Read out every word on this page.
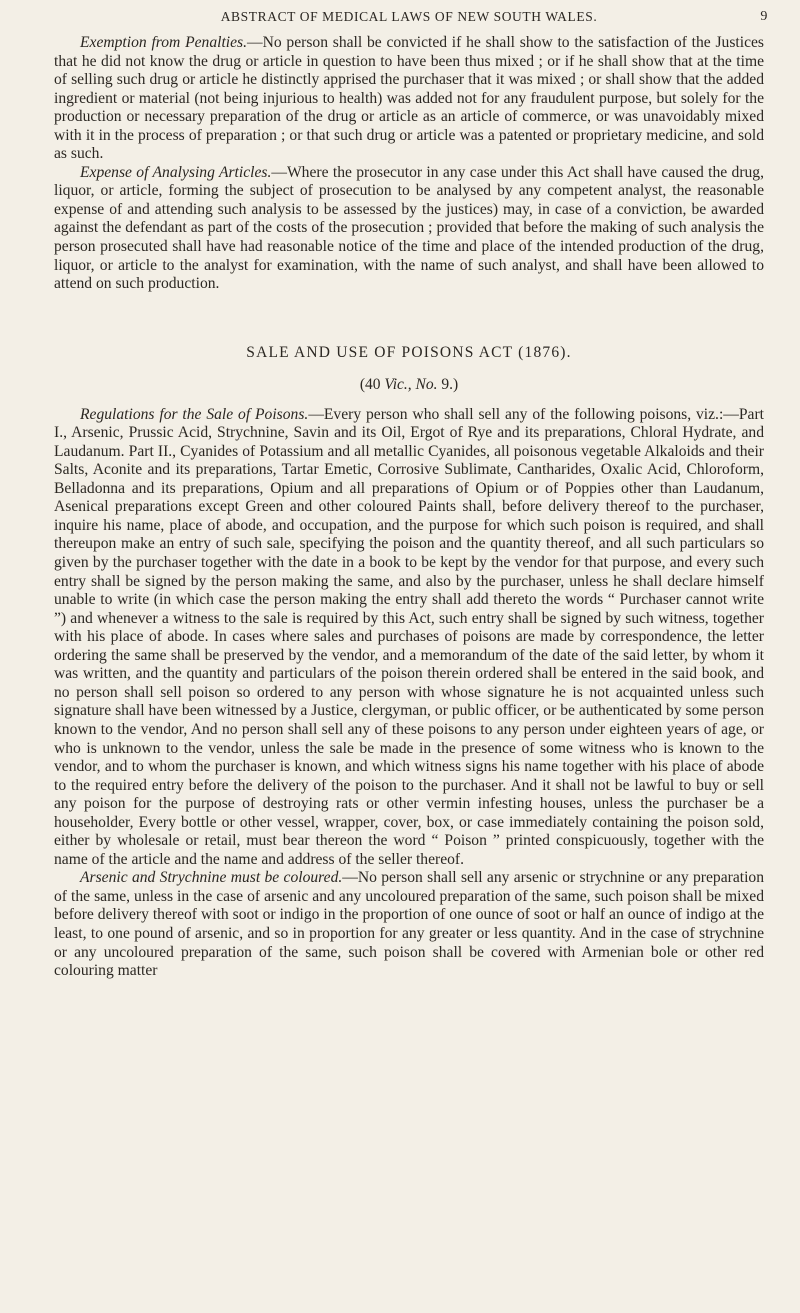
ABSTRACT OF MEDICAL LAWS OF NEW SOUTH WALES.	9

Exemption from Penalties.—No person shall be convicted if he shall show to the satisfaction of the Justices that he did not know the drug or article in question to have been thus mixed ; or if he shall show that at the time of selling such drug or article he distinctly apprised the purchaser that it was mixed ; or shall show that the added ingredient or material (not being injurious to health) was added not for any fraudulent purpose, but solely for the production or necessary preparation of the drug or article as an article of commerce, or was unavoidably mixed with it in the process of preparation ; or that such drug or article was a patented or proprietary medicine, and sold as such.

Expense of Analysing Articles.—Where the prosecutor in any case under this Act shall have caused the drug, liquor, or article, forming the subject of prosecution to be analysed by any competent analyst, the reasonable expense of and attending such analysis to be assessed by the justices) may, in case of a conviction, be awarded against the defendant as part of the costs of the prosecution ; provided that before the making of such analysis the person prosecuted shall have had reasonable notice of the time and place of the intended production of the drug, liquor, or article to the analyst for examination, with the name of such analyst, and shall have been allowed to attend on such production.

SALE AND USE OF POISONS ACT (1876).
(40 Vic., No. 9.)

Regulations for the Sale of Poisons.—Every person who shall sell any of the following poisons, viz.:—Part I., Arsenic, Prussic Acid, Strychnine, Savin and its Oil, Ergot of Rye and its preparations, Chloral Hydrate, and Laudanum. Part II., Cyanides of Potassium and all metallic Cyanides, all poisonous vegetable Alkaloids and their Salts, Aconite and its preparations, Tartar Emetic, Corrosive Sublimate, Cantharides, Oxalic Acid, Chloroform, Belladonna and its preparations, Opium and all preparations of Opium or of Poppies other than Laudanum, Asenical preparations except Green and other coloured Paints shall, before delivery thereof to the purchaser, inquire his name, place of abode, and occupation, and the purpose for which such poison is required, and shall thereupon make an entry of such sale, specifying the poison and the quantity thereof, and all such particulars so given by the purchaser together with the date in a book to be kept by the vendor for that purpose, and every such entry shall be signed by the person making the same, and also by the purchaser, unless he shall declare himself unable to write (in which case the person making the entry shall add thereto the words “ Purchaser cannot write ”) and whenever a witness to the sale is required by this Act, such entry shall be signed by such witness, together with his place of abode. In cases where sales and purchases of poisons are made by correspondence, the letter ordering the same shall be preserved by the vendor, and a memorandum of the date of the said letter, by whom it was written, and the quantity and particulars of the poison therein ordered shall be entered in the said book, and no person shall sell poison so ordered to any person with whose signature he is not acquainted unless such signature shall have been witnessed by a Justice, clergyman, or public officer, or be authenticated by some person known to the vendor, And no person shall sell any of these poisons to any person under eighteen years of age, or who is unknown to the vendor, unless the sale be made in the presence of some witness who is known to the vendor, and to whom the purchaser is known, and which witness signs his name together with his place of abode to the required entry before the delivery of the poison to the purchaser. And it shall not be lawful to buy or sell any poison for the purpose of destroying rats or other vermin infesting houses, unless the purchaser be a householder, Every bottle or other vessel, wrapper, cover, box, or case immediately containing the poison sold, either by wholesale or retail, must bear thereon the word “ Poison ” printed conspicuously, together with the name of the article and the name and address of the seller thereof.

Arsenic and Strychnine must be coloured.—No person shall sell any arsenic or strychnine or any preparation of the same, unless in the case of arsenic and any uncoloured preparation of the same, such poison shall be mixed before delivery thereof with soot or indigo in the proportion of one ounce of soot or half an ounce of indigo at the least, to one pound of arsenic, and so in proportion for any greater or less quantity. And in the case of strychnine or any uncoloured preparation of the same, such poison shall be covered with Armenian bole or other red colouring matter
